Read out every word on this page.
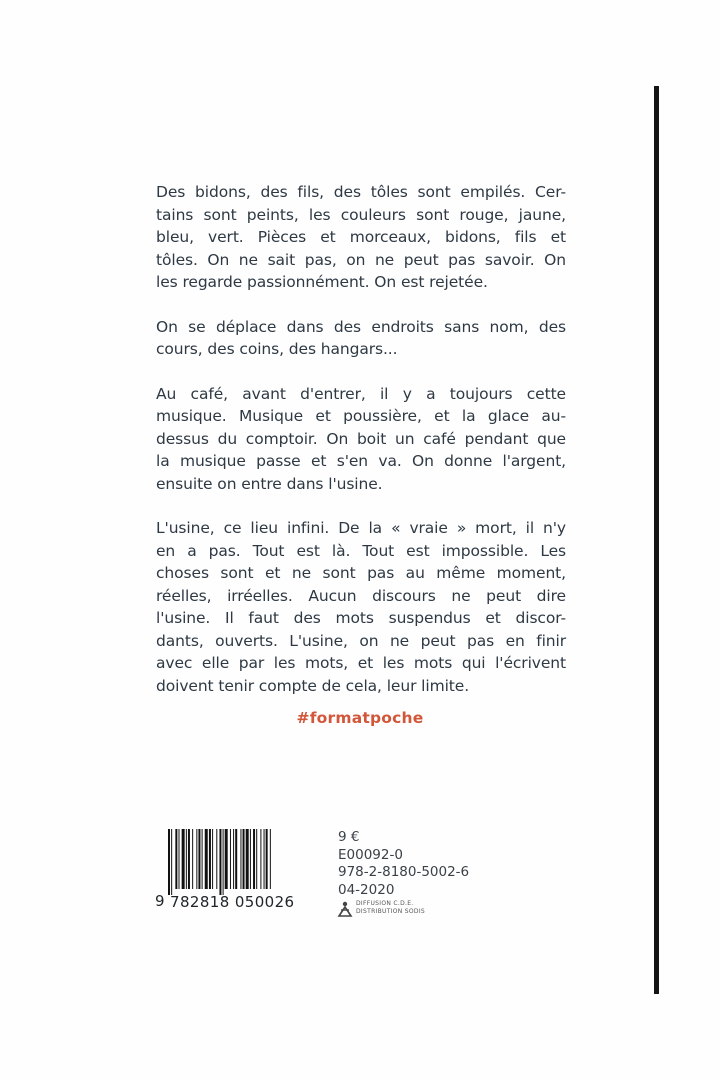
Des bidons, des fils, des tôles sont empilés. Cer-
tains sont peints, les couleurs sont rouge, jaune,
bleu, vert. Pièces et morceaux, bidons, fils et
tôles. On ne sait pas, on ne peut pas savoir. On
les regarde passionnément. On est rejetée.

On se déplace dans des endroits sans nom, des
cours, des coins, des hangars...

Au café, avant d'entrer, il y a toujours cette
musique. Musique et poussière, et la glace au-
dessus du comptoir. On boit un café pendant que
la musique passe et s'en va. On donne l'argent,
ensuite on entre dans l'usine.

L'usine, ce lieu infini. De la « vraie » mort, il n'y
en a pas. Tout est là. Tout est impossible. Les
choses sont et ne sont pas au même moment,
réelles, irréelles. Aucun discours ne peut dire
l'usine. Il faut des mots suspendus et discor-
dants, ouverts. L'usine, on ne peut pas en finir
avec elle par les mots, et les mots qui l'écrivent
doivent tenir compte de cela, leur limite.

#formatpoche
9 782818 050026
9 €
E00092-0
978-2-8180-5002-6
04-2020
DIFFUSION C.D.E.
DISTRIBUTION SODIS
